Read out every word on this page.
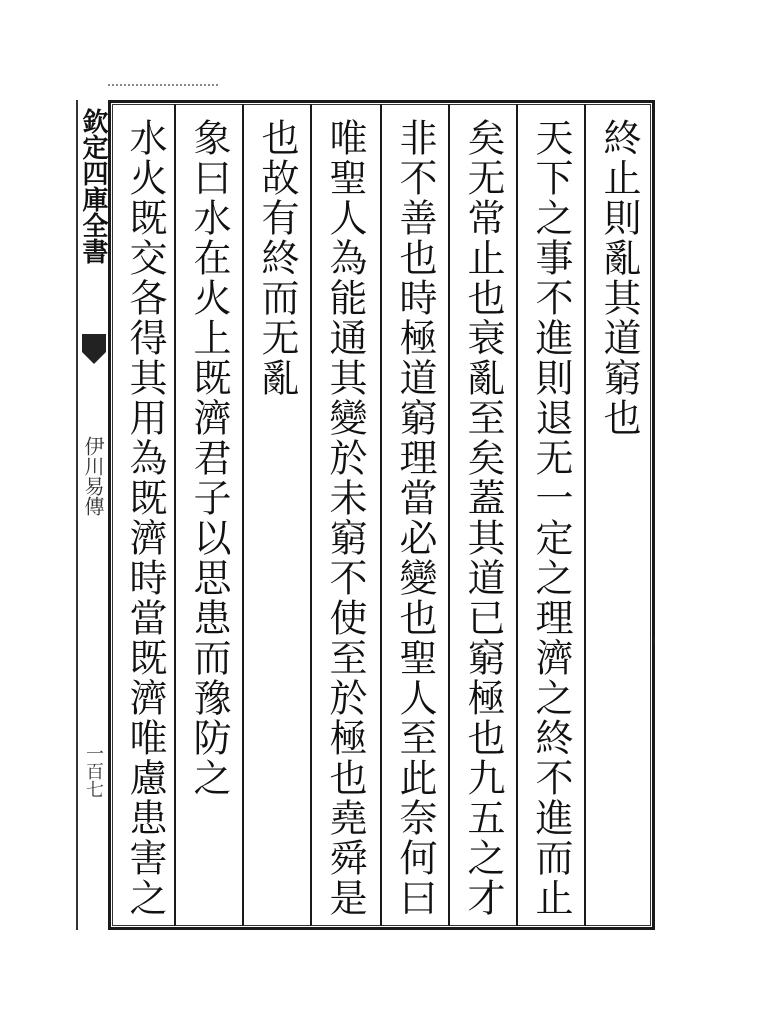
欽定四庫全書
伊川易傳
一百七
終止則亂其道窮也
天下之事不進則退无一定之理濟之終不進而止
矣无常止也衰亂至矣蓋其道已窮極也九五之才
非不善也時極道窮理當必變也聖人至此奈何曰
唯聖人為能通其變於未窮不使至於極也堯舜是
也故有終而无亂
象曰水在火上既濟君子以思患而豫防之
水火既交各得其用為既濟時當既濟唯慮患害之	⁞
